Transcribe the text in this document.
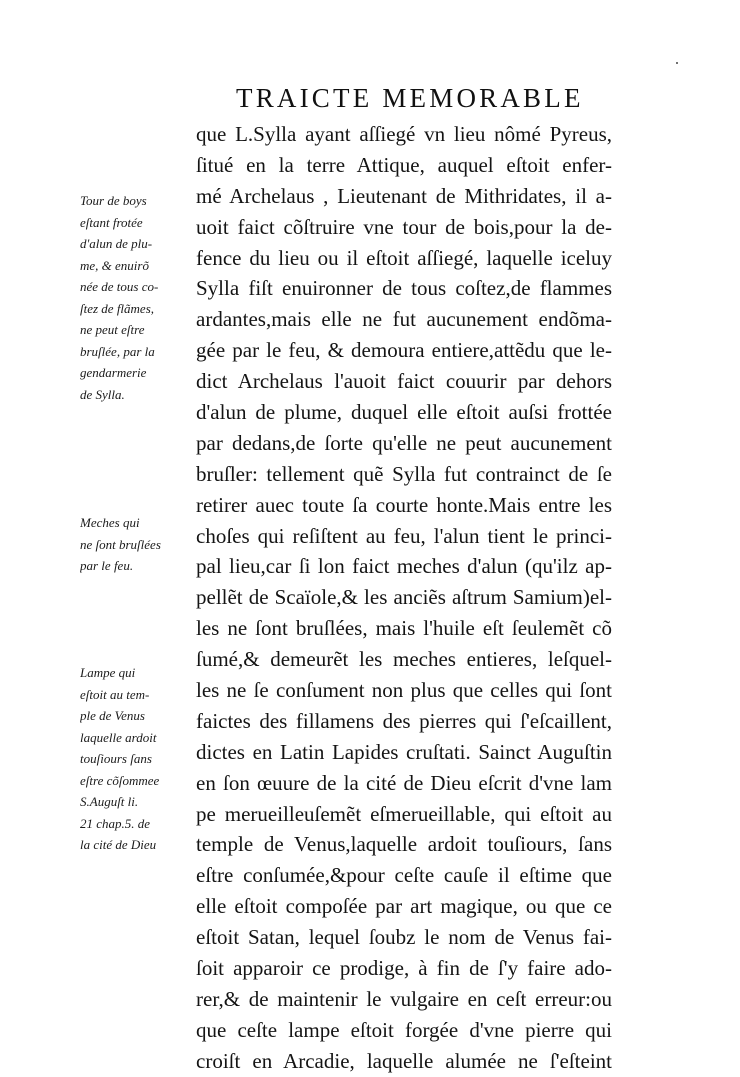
TRAICTE MEMORABLE
que L.Sylla ayant aſſiegé vn lieu nômé Pyreus,
ſitué en la terre Attique, auquel eſtoit enfer-
mé Archelaus , Lieutenant de Mithridates, il a-
uoit faict cõſtruire vne tour de bois,pour la de-
fence du lieu ou il eſtoit aſſiegé, laquelle iceluy
Sylla fiſt enuironner de tous coſtez,de flammes
ardantes,mais elle ne fut aucunement endõma-
gée par le feu, & demoura entiere,attẽdu que le-
dict Archelaus l'auoit faict couurir par dehors
d'alun de plume, duquel elle eſtoit auſsi frottée
par dedans,de ſorte qu'elle ne peut aucunement
bruſler: tellement quẽ Sylla fut contrainct de ſe
retirer auec toute ſa courte honte.Mais entre les
choſes qui reſiſtent au feu, l'alun tient le princi-
pal lieu,car ſi lon faict meches d'alun (qu'ilz ap-
pellẽt de Scaïole,& les anciẽs aſtrum Samium)el-
les ne ſont bruſlées, mais l'huile eſt ſeulemẽt cõ
ſumé,& demeurẽt les meches entieres, leſquel-
les ne ſe conſument non plus que celles qui ſont
faictes des fillamens des pierres qui ſ'eſcaillent,
dictes en Latin Lapides cruſtati. Sainct Auguſtin
en ſon œuure de la cité de Dieu eſcrit d'vne lam
pe merueilleuſemẽt eſmerueillable, qui eſtoit au
temple de Venus,laquelle ardoit touſiours, ſans
eſtre conſumée,&pour ceſte cauſe il eſtime que
elle eſtoit compoſée par art magique, ou que ce
eſtoit Satan, lequel ſoubz le nom de Venus fai-
ſoit apparoir ce prodige, à fin de ſ'y faire ado-
rer,& de maintenir le vulgaire en ceſt erreur:ou
que ceſte lampe eſtoit forgée d'vne pierre qui
croiſt en Arcadie, laquelle alumée ne ſ'eſteint
Tour de boys
eſtant frotée
d'alun de plu-
me, & enuirõ
née de tous co-
ſtez de flãmes,
ne peut eſtre
bruſlée, par la
gendarmerie
de Sylla.
Meches qui
ne ſont bruſlées
par le feu.
Lampe qui
eſtoit au tem-
ple de Venus
laquelle ardoit
touſiours ſans
eſtre cõſommee
S.Auguſt li.
21 chap.5. de
la cité de Dieu
